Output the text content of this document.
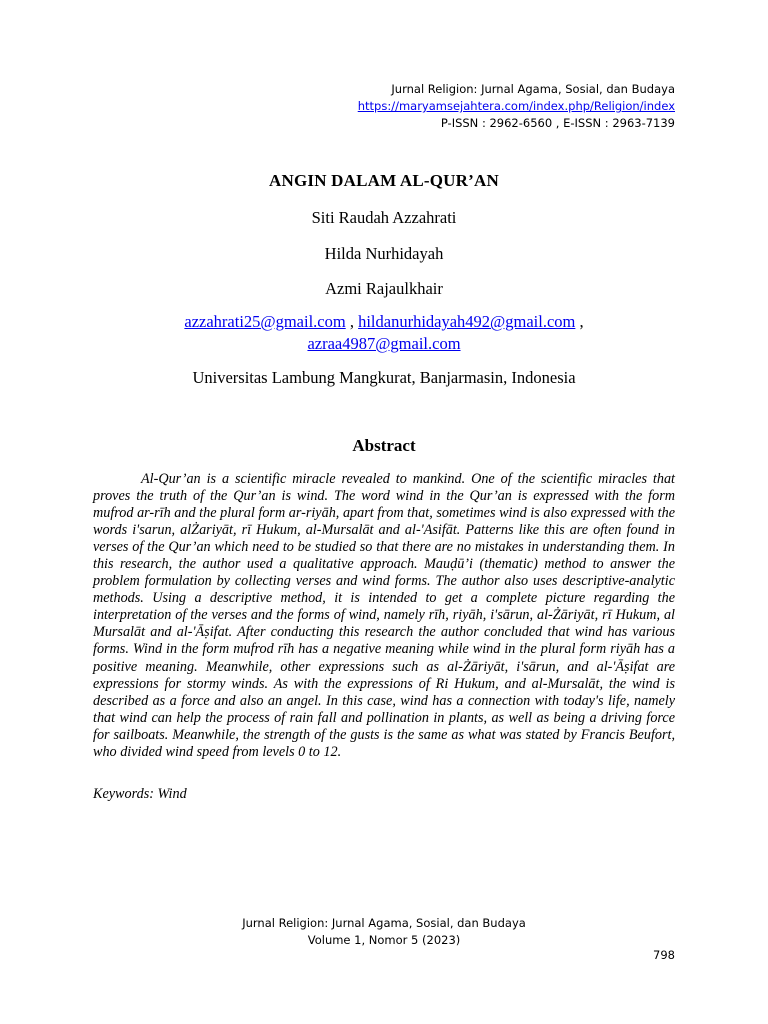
Jurnal Religion: Jurnal Agama, Sosial, dan Budaya
https://maryamsejahtera.com/index.php/Religion/index
P-ISSN : 2962-6560 , E-ISSN : 2963-7139
ANGIN DALAM AL-QUR’AN
Siti Raudah Azzahrati
Hilda Nurhidayah
Azmi Rajaulkhair
azzahrati25@gmail.com , hildanurhidayah492@gmail.com ,
azraa4987@gmail.com
Universitas Lambung Mangkurat, Banjarmasin, Indonesia
Abstract

Al-Qur’an is a scientific miracle revealed to mankind. One of the scientific miracles that proves the truth of the Qur’an is wind. The word wind in the Qur’an is expressed with the form mufrod ar-rīh and the plural form ar-riyāh, apart from that, sometimes wind is also expressed with the words i'sarun, alŻariyāt, rī Hukum, al-Mursalāt and al-'Asifāt. Patterns like this are often found in verses of the Qur’an which need to be studied so that there are no mistakes in understanding them. In this research, the author used a qualitative approach. Mauḍū’i (thematic) method to answer the problem formulation by collecting verses and wind forms. The author also uses descriptive-analytic methods. Using a descriptive method, it is intended to get a complete picture regarding the interpretation of the verses and the forms of wind, namely rīh, riyāh, i'sārun, al-Żāriyāt, rī Hukum, al Mursalāt and al-'Āṣifat. After conducting this research the author concluded that wind has various forms. Wind in the form mufrod rīh has a negative meaning while wind in the plural form riyāh has a positive meaning. Meanwhile, other expressions such as al-Żāriyāt, i'sārun, and al-'Āṣifat are expressions for stormy winds. As with the expressions of Ri Hukum, and al-Mursalāt, the wind is described as a force and also an angel. In this case, wind has a connection with today's life, namely that wind can help the process of rain fall and pollination in plants, as well as being a driving force for sailboats. Meanwhile, the strength of the gusts is the same as what was stated by Francis Beufort, who divided wind speed from levels 0 to 12.

Keywords: Wind
Jurnal Religion: Jurnal Agama, Sosial, dan Budaya
Volume 1, Nomor 5 (2023)
798
